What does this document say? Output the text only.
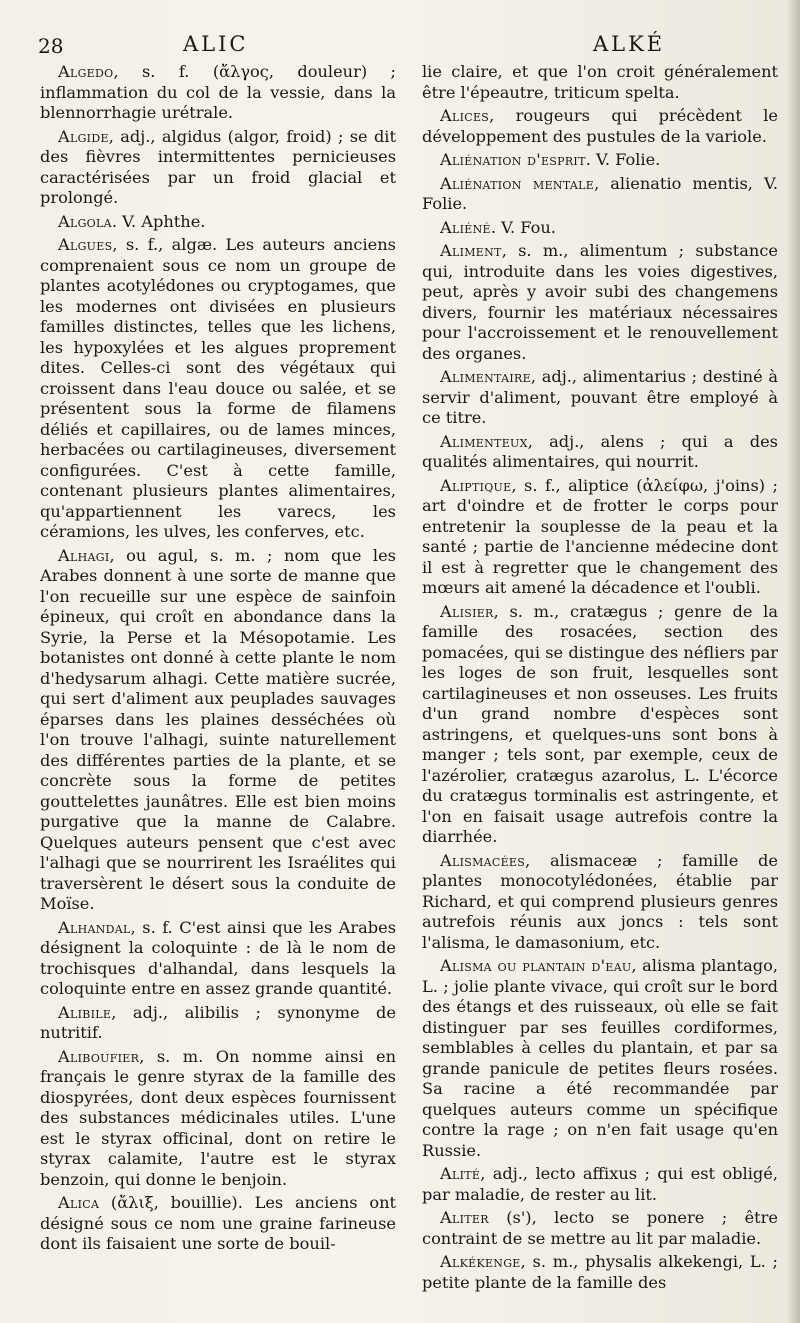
28	ALIC	ALKÉ

Algedo, s. f. (ἄλγος, douleur) ; inflammation du col de la vessie, dans la blennorrhagie urétrale.

Algide, adj., algidus (algor, froid) ; se dit des fièvres intermittentes pernicieuses caractérisées par un froid glacial et prolongé.

Algola. V. Aphthe.

Algues, s. f., algæ. Les auteurs anciens comprenaient sous ce nom un groupe de plantes acotylédones ou cryptogames, que les modernes ont divisées en plusieurs familles distinctes, telles que les lichens, les hypoxylées et les algues proprement dites. Celles-ci sont des végétaux qui croissent dans l'eau douce ou salée, et se présentent sous la forme de filamens déliés et capillaires, ou de lames minces, herbacées ou cartilagineuses, diversement configurées. C'est à cette famille, contenant plusieurs plantes alimentaires, qu'appartiennent les varecs, les céramions, les ulves, les conferves, etc.

Alhagi, ou agul, s. m. ; nom que les Arabes donnent à une sorte de manne que l'on recueille sur une espèce de sainfoin épineux, qui croît en abondance dans la Syrie, la Perse et la Mésopotamie. Les botanistes ont donné à cette plante le nom d'hedysarum alhagi. Cette matière sucrée, qui sert d'aliment aux peuplades sauvages éparses dans les plaines desséchées où l'on trouve l'alhagi, suinte naturellement des différentes parties de la plante, et se concrète sous la forme de petites gouttelettes jaunâtres. Elle est bien moins purgative que la manne de Calabre. Quelques auteurs pensent que c'est avec l'alhagi que se nourrirent les Israélites qui traversèrent le désert sous la conduite de Moïse.

Alhandal, s. f. C'est ainsi que les Arabes désignent la coloquinte : de là le nom de trochisques d'alhandal, dans lesquels la coloquinte entre en assez grande quantité.

Alibile, adj., alibilis ; synonyme de nutritif.

Aliboufier, s. m. On nomme ainsi en français le genre styrax de la famille des diospyrées, dont deux espèces fournissent des substances médicinales utiles. L'une est le styrax officinal, dont on retire le styrax calamite, l'autre est le styrax benzoin, qui donne le benjoin.

Alica (ἄλιξ, bouillie). Les anciens ont désigné sous ce nom une graine farineuse dont ils faisaient une sorte de bouil-

lie claire, et que l'on croit généralement être l'épeautre, triticum spelta.

Alices, rougeurs qui précèdent le développement des pustules de la variole.

Aliénation d'esprit. V. Folie.

Aliénation mentale, alienatio mentis, V. Folie.

Aliéné. V. Fou.

Aliment, s. m., alimentum ; substance qui, introduite dans les voies digestives, peut, après y avoir subi des changemens divers, fournir les matériaux nécessaires pour l'accroissement et le renouvellement des organes.

Alimentaire, adj., alimentarius ; destiné à servir d'aliment, pouvant être employé à ce titre.

Alimenteux, adj., alens ; qui a des qualités alimentaires, qui nourrit.

Aliptique, s. f., aliptice (ἀλείφω, j'oins) ; art d'oindre et de frotter le corps pour entretenir la souplesse de la peau et la santé ; partie de l'ancienne médecine dont il est à regretter que le changement des mœurs ait amené la décadence et l'oubli.

Alisier, s. m., cratægus ; genre de la famille des rosacées, section des pomacées, qui se distingue des néfliers par les loges de son fruit, lesquelles sont cartilagineuses et non osseuses. Les fruits d'un grand nombre d'espèces sont astringens, et quelques-uns sont bons à manger ; tels sont, par exemple, ceux de l'azérolier, cratægus azarolus, L. L'écorce du cratægus torminalis est astringente, et l'on en faisait usage autrefois contre la diarrhée.

Alismacées, alismaceæ ; famille de plantes monocotylédonées, établie par Richard, et qui comprend plusieurs genres autrefois réunis aux joncs : tels sont l'alisma, le damasonium, etc.

Alisma ou plantain d'eau, alisma plantago, L. ; jolie plante vivace, qui croît sur le bord des étangs et des ruisseaux, où elle se fait distinguer par ses feuilles cordiformes, semblables à celles du plantain, et par sa grande panicule de petites fleurs rosées. Sa racine a été recommandée par quelques auteurs comme un spécifique contre la rage ; on n'en fait usage qu'en Russie.

Alité, adj., lecto affixus ; qui est obligé, par maladie, de rester au lit.

Aliter (s'), lecto se ponere ; être contraint de se mettre au lit par maladie.

Alkékenge, s. m., physalis alkekengi, L. ; petite plante de la famille des
